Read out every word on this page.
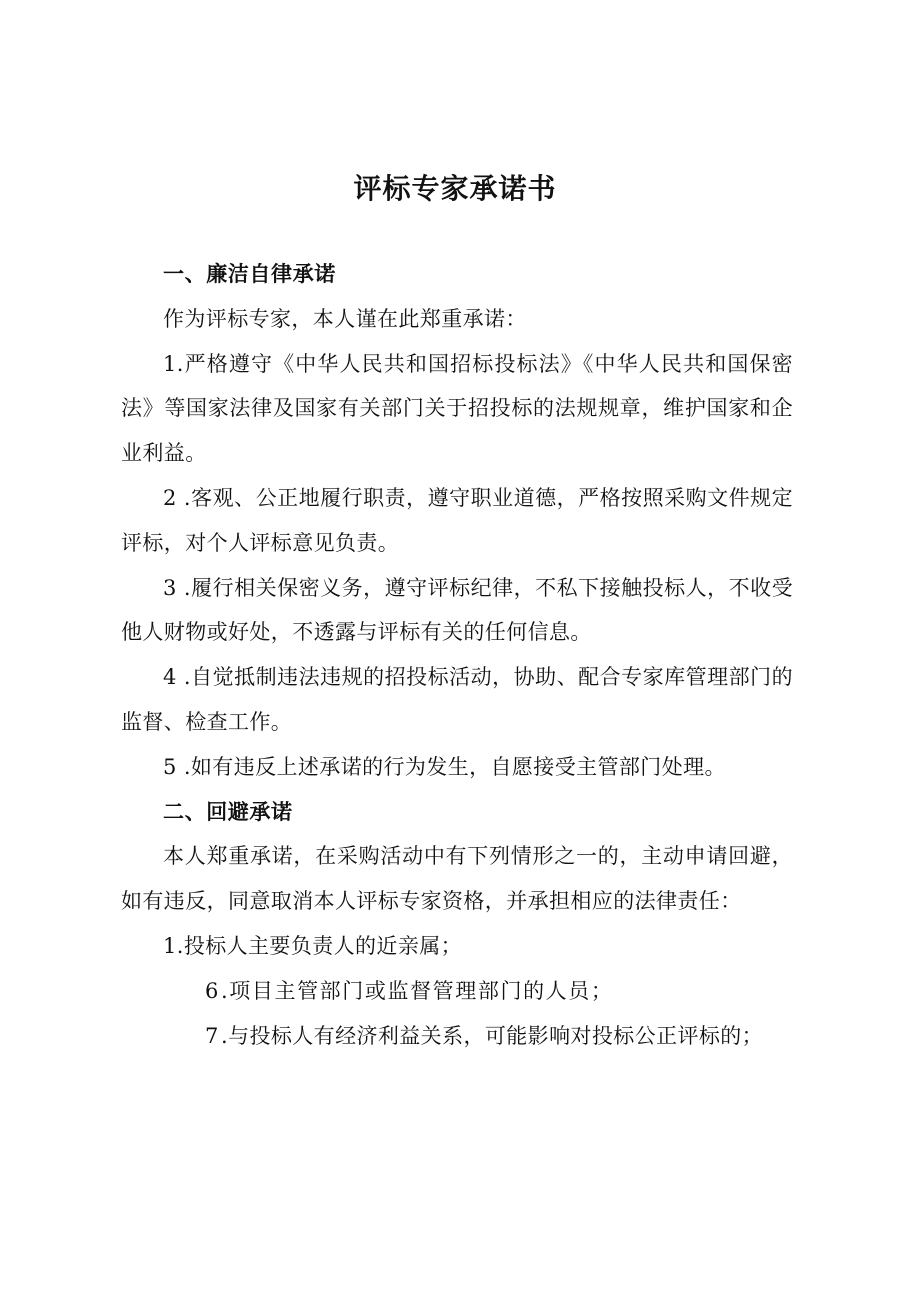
评标专家承诺书

一、廉洁自律承诺

作为评标专家，本人谨在此郑重承诺：

1.严格遵守《中华人民共和国招标投标法》《中华人民共和国保密法》等国家法律及国家有关部门关于招投标的法规规章，维护国家和企业利益。

2 .客观、公正地履行职责，遵守职业道德，严格按照采购文件规定评标，对个人评标意见负责。

3 .履行相关保密义务，遵守评标纪律，不私下接触投标人，不收受他人财物或好处，不透露与评标有关的任何信息。

4 .自觉抵制违法违规的招投标活动，协助、配合专家库管理部门的监督、检查工作。

5 .如有违反上述承诺的行为发生，自愿接受主管部门处理。

二、回避承诺

本人郑重承诺，在采购活动中有下列情形之一的，主动申请回避，如有违反，同意取消本人评标专家资格，并承担相应的法律责任：

1.投标人主要负责人的近亲属；

6.项目主管部门或监督管理部门的人员；

7 .与投标人有经济利益关系，可能影响对投标公正评标的；
